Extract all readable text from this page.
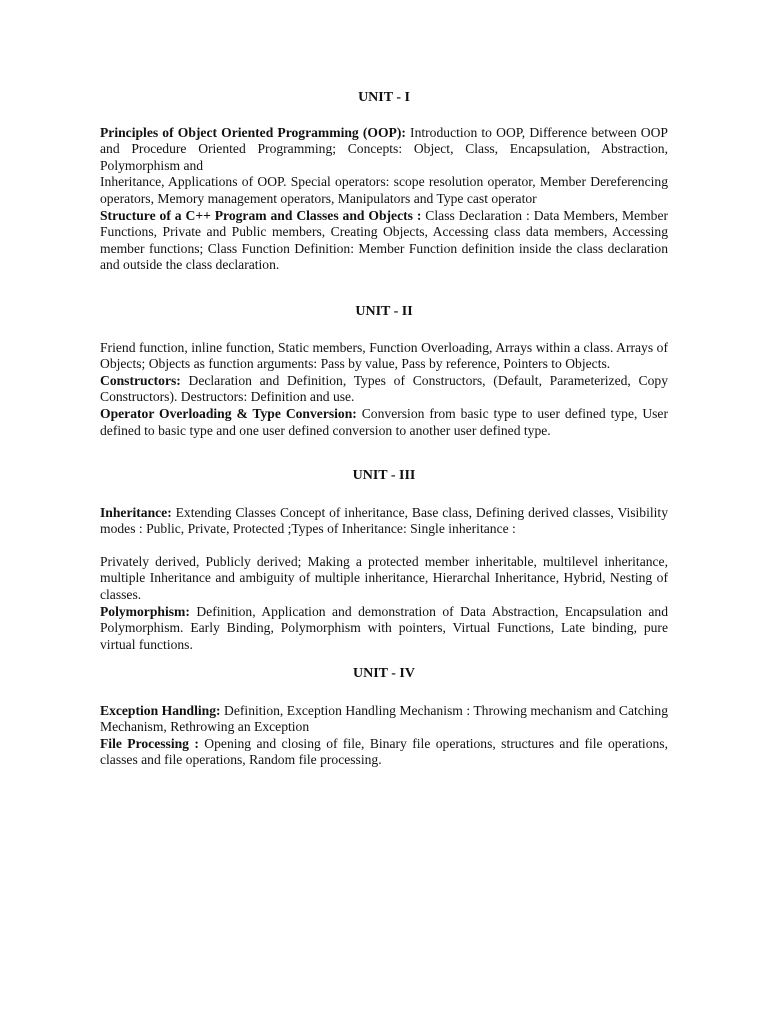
UNIT - I

Principles of Object Oriented Programming (OOP): Introduction to OOP, Difference between OOP and Procedure Oriented Programming; Concepts: Object, Class, Encapsulation, Abstraction, Polymorphism and

Inheritance, Applications of OOP. Special operators: scope resolution operator, Member Dereferencing operators, Memory management operators, Manipulators and Type cast operator

Structure of a C++ Program and Classes and Objects : Class Declaration : Data Members, Member Functions, Private and Public members, Creating Objects, Accessing class data members, Accessing member functions; Class Function Definition: Member Function definition inside the class declaration and outside the class declaration.

UNIT - II

Friend function, inline function, Static members, Function Overloading, Arrays within a class. Arrays of Objects; Objects as function arguments: Pass by value, Pass by reference, Pointers to Objects.

Constructors: Declaration and Definition, Types of Constructors, (Default, Parameterized, Copy Constructors). Destructors: Definition and use.

Operator Overloading & Type Conversion: Conversion from basic type to user defined type, User defined to basic type and one user defined conversion to another user defined type.

UNIT - III

Inheritance: Extending Classes Concept of inheritance, Base class, Defining derived classes, Visibility modes : Public, Private, Protected ;Types of Inheritance: Single inheritance :

Privately derived, Publicly derived; Making a protected member inheritable, multilevel inheritance, multiple Inheritance and ambiguity of multiple inheritance, Hierarchal Inheritance, Hybrid, Nesting of classes.

Polymorphism: Definition, Application and demonstration of Data Abstraction, Encapsulation and Polymorphism. Early Binding, Polymorphism with pointers, Virtual Functions, Late binding, pure virtual functions.

UNIT - IV

Exception Handling: Definition, Exception Handling Mechanism : Throwing mechanism and Catching Mechanism, Rethrowing an Exception

File Processing : Opening and closing of file, Binary file operations, structures and file operations, classes and file operations, Random file processing.
